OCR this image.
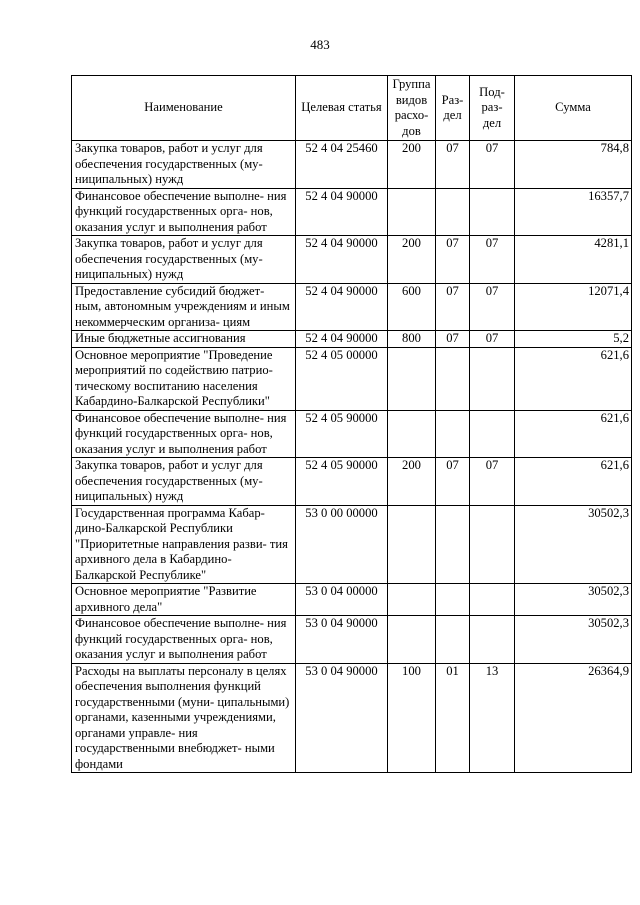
483
Наименование	Целевая статья	Группа видов расхо- дов	Раз- дел	Под- раз- дел	Сумма
Закупка товаров, работ и услуг для обеспечения государственных (му- ниципальных) нужд	52 4 04 25460	200	07	07	784,8
Финансовое обеспечение выполне- ния функций государственных орга- нов, оказания услуг и выполнения работ	52 4 04 90000				16357,7
Закупка товаров, работ и услуг для обеспечения государственных (му- ниципальных) нужд	52 4 04 90000	200	07	07	4281,1
Предоставление субсидий бюджет- ным, автономным учреждениям и иным некоммерческим организа- циям	52 4 04 90000	600	07	07	12071,4
Иные бюджетные ассигнования	52 4 04 90000	800	07	07	5,2
Основное мероприятие "Проведение мероприятий по содействию патрио- тическому воспитанию населения Кабардино-Балкарской Республики"	52 4 05 00000				621,6
Финансовое обеспечение выполне- ния функций государственных орга- нов, оказания услуг и выполнения работ	52 4 05 90000				621,6
Закупка товаров, работ и услуг для обеспечения государственных (му- ниципальных) нужд	52 4 05 90000	200	07	07	621,6
Государственная программа Кабар- дино-Балкарской Республики "Приоритетные направления разви- тия архивного дела в Кабардино- Балкарской Республике"	53 0 00 00000				30502,3
Основное мероприятие "Развитие архивного дела"	53 0 04 00000				30502,3
Финансовое обеспечение выполне- ния функций государственных орга- нов, оказания услуг и выполнения работ	53 0 04 90000				30502,3
Расходы на выплаты персоналу в целях обеспечения выполнения функций государственными (муни- ципальными) органами, казенными учреждениями, органами управле- ния государственными внебюджет- ными фондами	53 0 04 90000	100	01	13	26364,9
